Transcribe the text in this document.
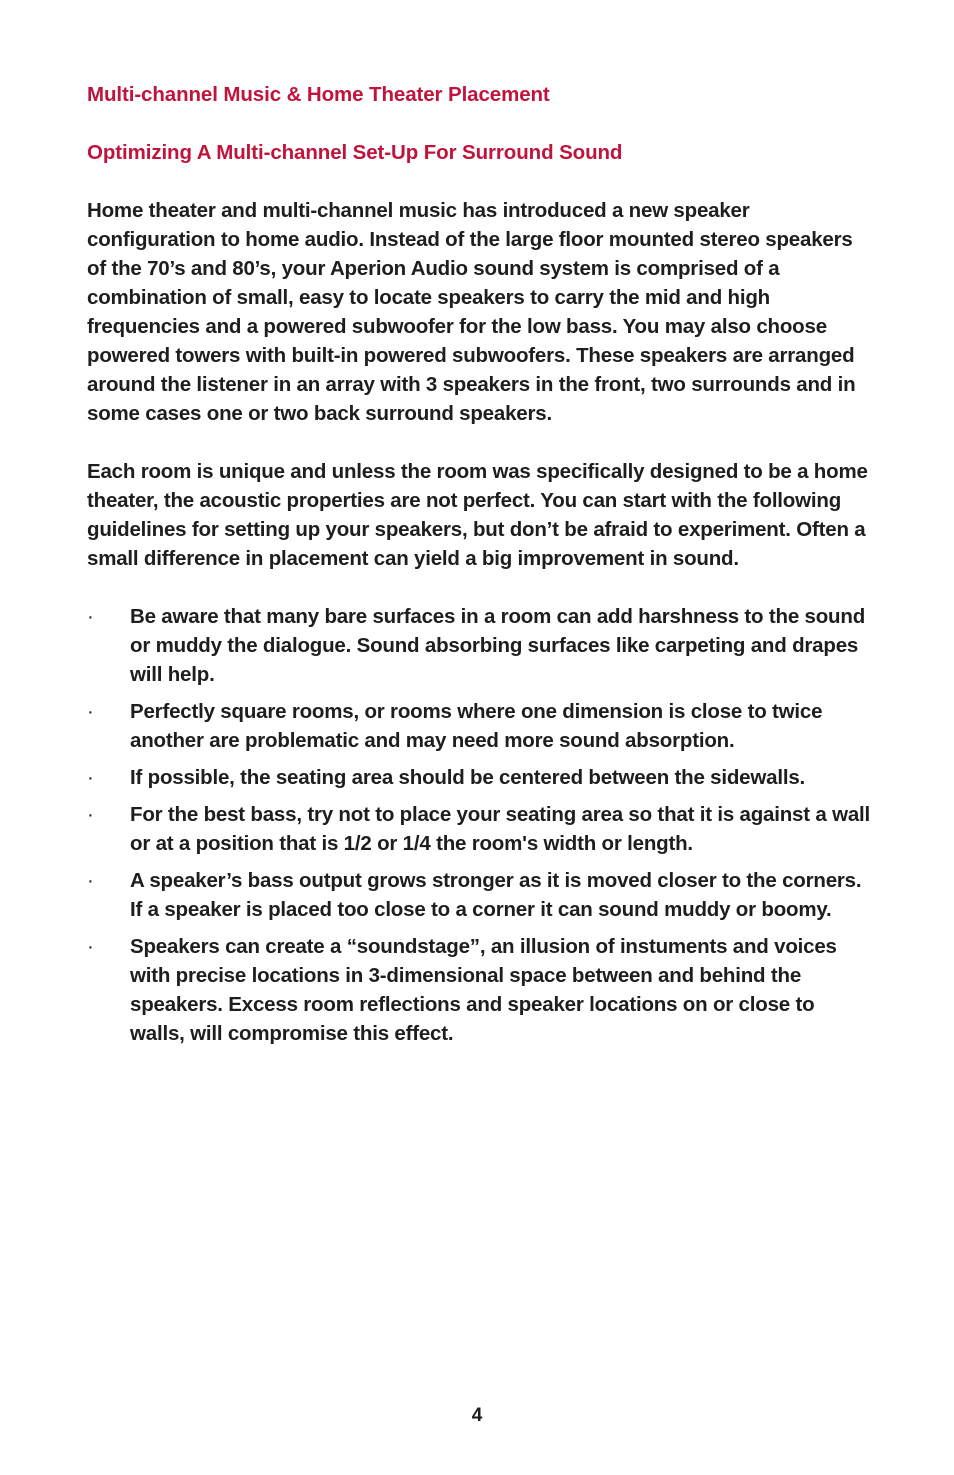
Multi-channel Music & Home Theater Placement
Optimizing A Multi-channel Set-Up For Surround Sound

Home theater and multi-channel music has introduced a new speaker configuration to home audio. Instead of the large floor mounted stereo speakers of the 70’s and 80’s, your Aperion Audio sound system is comprised of a combination of small, easy to locate speakers to carry the mid and high frequencies and a powered subwoofer for the low bass. You may also choose powered towers with built-in powered subwoofers. These speakers are arranged around the listener in an array with 3 speakers in the front, two surrounds and in some cases one or two back surround speakers.

Each room is unique and unless the room was specifically designed to be a home theater, the acoustic properties are not perfect. You can start with the following guidelines for setting up your speakers, but don’t be afraid to experiment. Often a small difference in placement can yield a big improvement in sound.

· Be aware that many bare surfaces in a room can add harshness to the sound or muddy the dialogue. Sound absorbing surfaces like carpeting and drapes will help.
· Perfectly square rooms, or rooms where one dimension is close to twice another are problematic and may need more sound absorption.
· If possible, the seating area should be centered between the sidewalls.
· For the best bass, try not to place your seating area so that it is against a wall or at a position that is 1/2 or 1/4 the room's width or length.
· A speaker’s bass output grows stronger as it is moved closer to the corners. If a speaker is placed too close to a corner it can sound muddy or boomy.
· Speakers can create a “soundstage”, an illusion of instuments and voices with precise locations in 3-dimensional space between and behind the speakers. Excess room reflections and speaker locations on or close to walls, will compromise this effect.
4
